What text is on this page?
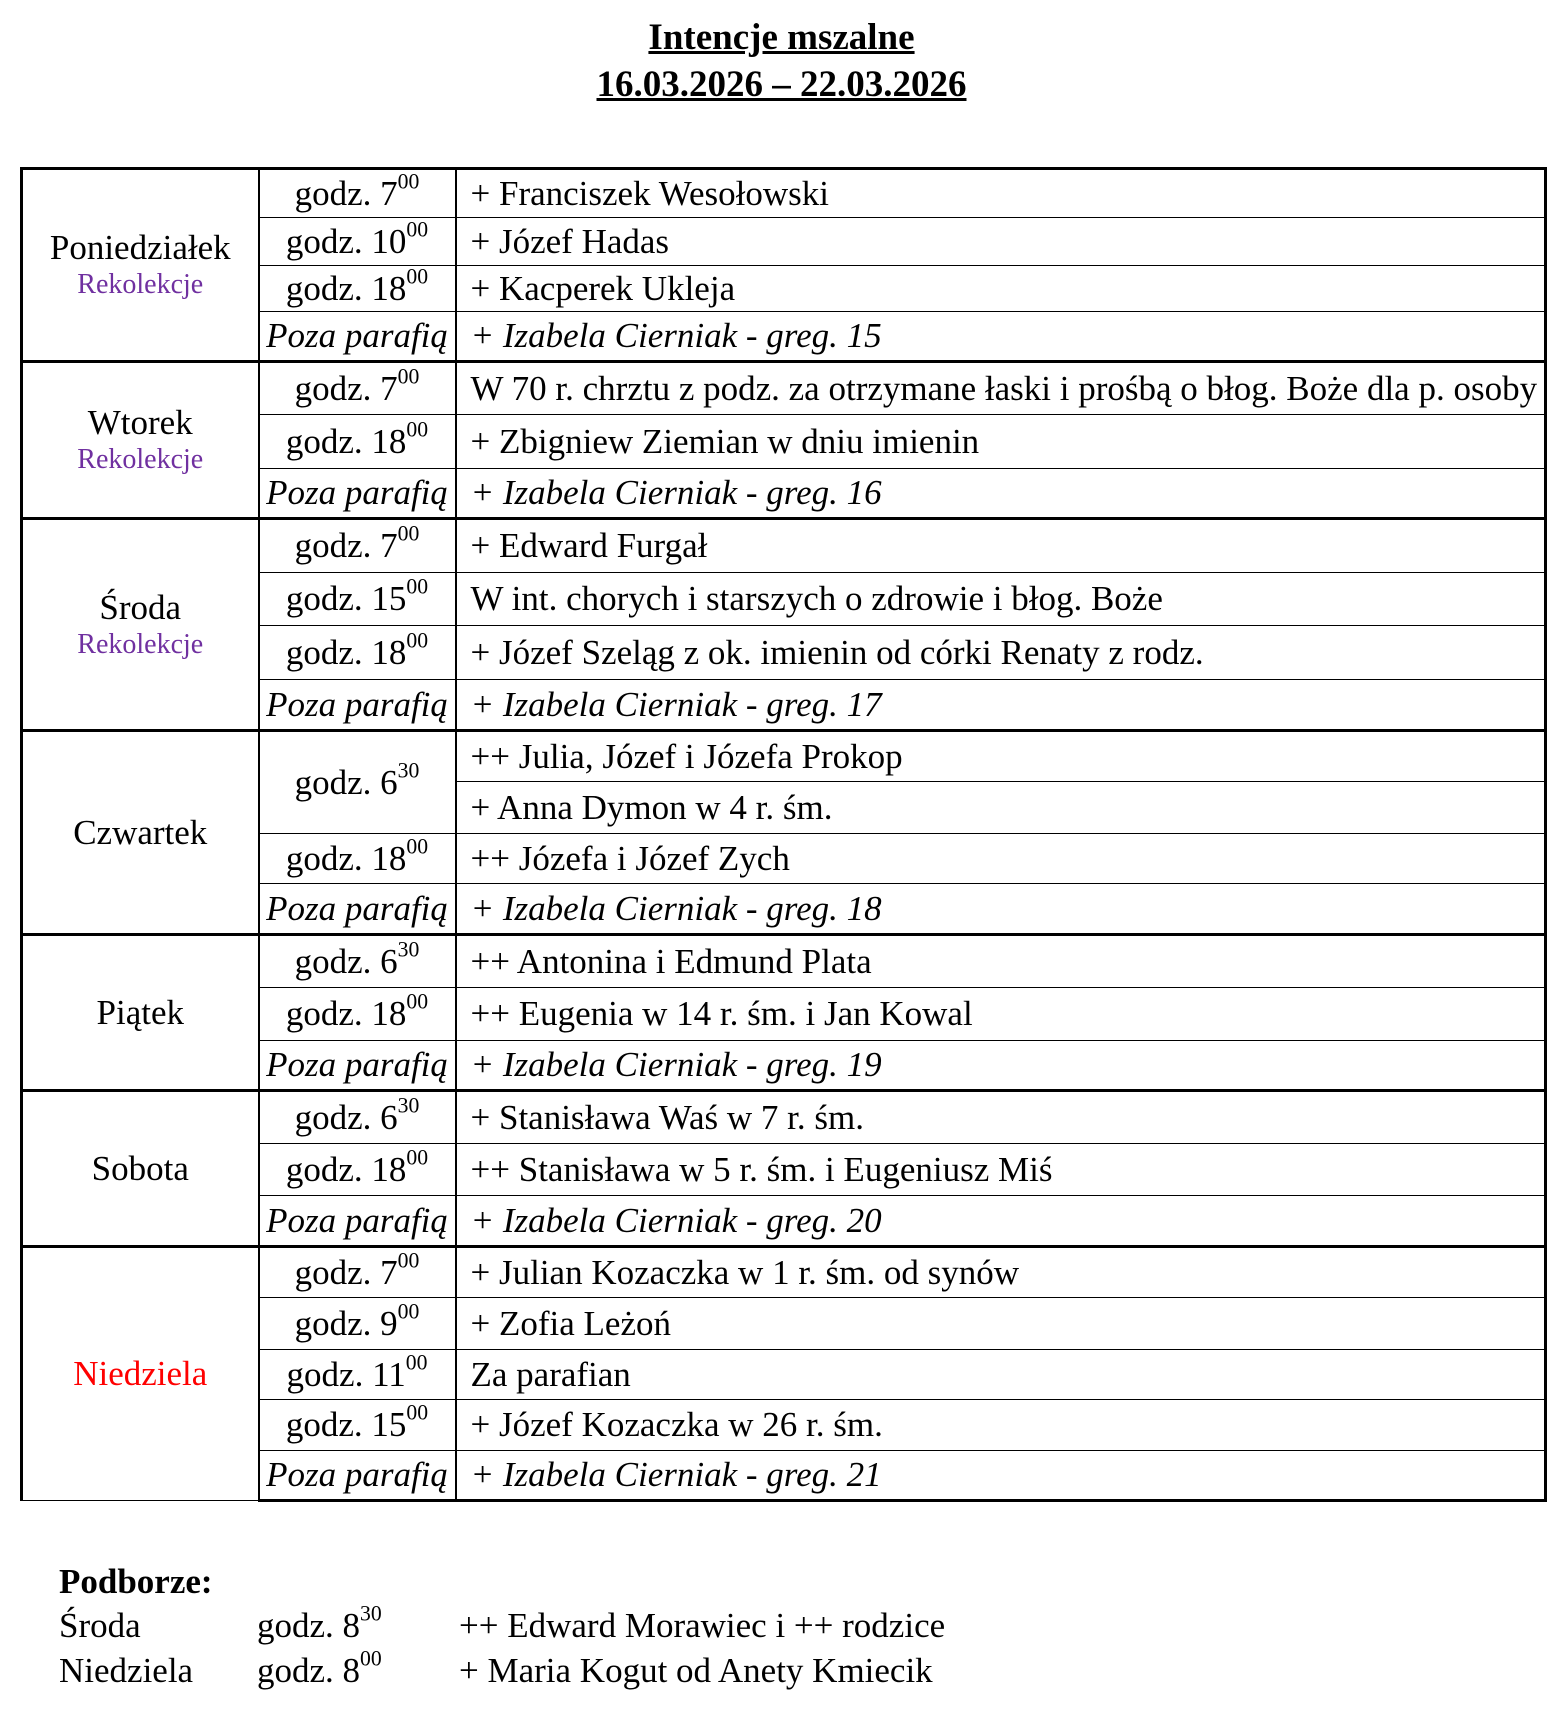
Intencje mszalne
16.03.2026 – 22.03.2026
Poniedziałek
Rekolekcje	godz. $7^{00}$	+ Franciszek Wesołowski
	godz. $10^{00}$	+ Józef Hadas
	godz. $18^{00}$	+ Kacperek Ukleja
	Poza parafią	+ Izabela Cierniak - greg. 15
Wtorek
Rekolekcje	godz. $7^{00}$	W 70 r. chrztu z podz. za otrzymane łaski i prośbą o błog. Boże dla p. osoby
	godz. $18^{00}$	+ Zbigniew Ziemian w dniu imienin
	Poza parafią	+ Izabela Cierniak - greg. 16
Środa
Rekolekcje	godz. $7^{00}$	+ Edward Furgał
	godz. $15^{00}$	W int. chorych i starszych o zdrowie i błog. Boże
	godz. $18^{00}$	+ Józef Szeląg z ok. imienin od córki Renaty z rodz.
	Poza parafią	+ Izabela Cierniak - greg. 17
Czwartek	godz. $6^{30}$	++ Julia, Józef i Józefa Prokop
		+ Anna Dymon w 4 r. śm.
	godz. $18^{00}$	++ Józefa i Józef Zych
	Poza parafią	+ Izabela Cierniak - greg. 18
Piątek	godz. $6^{30}$	++ Antonina i Edmund Plata
	godz. $18^{00}$	++ Eugenia w 14 r. śm. i Jan Kowal
	Poza parafią	+ Izabela Cierniak - greg. 19
Sobota	godz. $6^{30}$	+ Stanisława Waś w 7 r. śm.
	godz. $18^{00}$	++ Stanisława w 5 r. śm. i Eugeniusz Miś
	Poza parafią	+ Izabela Cierniak - greg. 20
Niedziela	godz. $7^{00}$	+ Julian Kozaczka w 1 r. śm. od synów
	godz. $9^{00}$	+ Zofia Leżoń
	godz. $11^{00}$	Za parafian
	godz. $15^{00}$	+ Józef Kozaczka w 26 r. śm.
	Poza parafią	+ Izabela Cierniak - greg. 21
Podborze:
Środa	godz. $8^{30}$ ++ Edward Morawiec i ++ rodzice
Niedziela godz. $8^{00}$ + Maria Kogut od Anety Kmiecik
